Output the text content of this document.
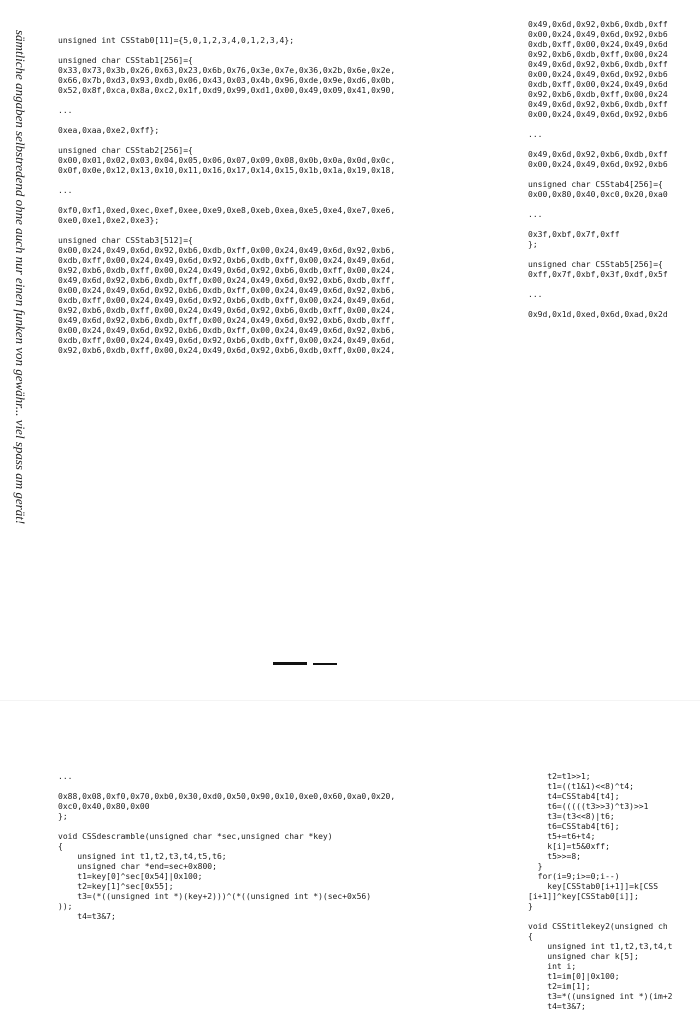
sämtliche angaben selbstredend ohne auch nur einen funken von gewähr... viel spass am gerät!	unsigned int CSStab0[11]={5,0,1,2,3,4,0,1,2,3,4};

unsigned char CSStab1[256]={
0x33,0x73,0x3b,0x26,0x63,0x23,0x6b,0x76,0x3e,0x7e,0x36,0x2b,0x6e,0x2e,
0x66,0x7b,0xd3,0x93,0xdb,0x06,0x43,0x03,0x4b,0x96,0xde,0x9e,0xd6,0x0b,
0x52,0x8f,0xca,0x8a,0xc2,0x1f,0xd9,0x99,0xd1,0x00,0x49,0x09,0x41,0x90,

...

0xea,0xaa,0xe2,0xff};

unsigned char CSStab2[256]={
0x00,0x01,0x02,0x03,0x04,0x05,0x06,0x07,0x09,0x08,0x0b,0x0a,0x0d,0x0c,
0x0f,0x0e,0x12,0x13,0x10,0x11,0x16,0x17,0x14,0x15,0x1b,0x1a,0x19,0x18,

...

0xf0,0xf1,0xed,0xec,0xef,0xee,0xe9,0xe8,0xeb,0xea,0xe5,0xe4,0xe7,0xe6,
0xe0,0xe1,0xe2,0xe3};

unsigned char CSStab3[512]={
0x00,0x24,0x49,0x6d,0x92,0xb6,0xdb,0xff,0x00,0x24,0x49,0x6d,0x92,0xb6,
0xdb,0xff,0x00,0x24,0x49,0x6d,0x92,0xb6,0xdb,0xff,0x00,0x24,0x49,0x6d,
0x92,0xb6,0xdb,0xff,0x00,0x24,0x49,0x6d,0x92,0xb6,0xdb,0xff,0x00,0x24,
0x49,0x6d,0x92,0xb6,0xdb,0xff,0x00,0x24,0x49,0x6d,0x92,0xb6,0xdb,0xff,
0x00,0x24,0x49,0x6d,0x92,0xb6,0xdb,0xff,0x00,0x24,0x49,0x6d,0x92,0xb6,
0xdb,0xff,0x00,0x24,0x49,0x6d,0x92,0xb6,0xdb,0xff,0x00,0x24,0x49,0x6d,
0x92,0xb6,0xdb,0xff,0x00,0x24,0x49,0x6d,0x92,0xb6,0xdb,0xff,0x00,0x24,
0x49,0x6d,0x92,0xb6,0xdb,0xff,0x00,0x24,0x49,0x6d,0x92,0xb6,0xdb,0xff,
0x00,0x24,0x49,0x6d,0x92,0xb6,0xdb,0xff,0x00,0x24,0x49,0x6d,0x92,0xb6,
0xdb,0xff,0x00,0x24,0x49,0x6d,0x92,0xb6,0xdb,0xff,0x00,0x24,0x49,0x6d,
0x92,0xb6,0xdb,0xff,0x00,0x24,0x49,0x6d,0x92,0xb6,0xdb,0xff,0x00,0x24,
0x49,0x6d,0x92,0xb6,0xdb,0xff
0x00,0x24,0x49,0x6d,0x92,0xb6
0xdb,0xff,0x00,0x24,0x49,0x6d
0x92,0xb6,0xdb,0xff,0x00,0x24
0x49,0x6d,0x92,0xb6,0xdb,0xff
0x00,0x24,0x49,0x6d,0x92,0xb6
0xdb,0xff,0x00,0x24,0x49,0x6d
0x92,0xb6,0xdb,0xff,0x00,0x24
0x49,0x6d,0x92,0xb6,0xdb,0xff
0x00,0x24,0x49,0x6d,0x92,0xb6

...

0x49,0x6d,0x92,0xb6,0xdb,0xff
0x00,0x24,0x49,0x6d,0x92,0xb6

unsigned char CSStab4[256]={
0x00,0x80,0x40,0xc0,0x20,0xa0

...

0x3f,0xbf,0x7f,0xff
};

unsigned char CSStab5[256]={
0xff,0x7f,0xbf,0x3f,0xdf,0x5f

...

0x9d,0x1d,0xed,0x6d,0xad,0x2d
...

0x88,0x08,0xf0,0x70,0xb0,0x30,0xd0,0x50,0x90,0x10,0xe0,0x60,0xa0,0x20,
0xc0,0x40,0x80,0x00
};

void CSSdescramble(unsigned char *sec,unsigned char *key)
{
unsigned int t1,t2,t3,t4,t5,t6;
unsigned char *end=sec+0x800;
t1=key[0]^sec[0x54]|0x100;
t2=key[1]^sec[0x55];
t3=(*((unsigned int *)(key+2)))^(*((unsigned int *)(sec+0x56)
));
t4=t3&7;
t2=t1>>1;
t1=((t1&1)<<8)^t4;
t4=CSStab4[t4];
t6=(((((t3>>3)^t3)>>1
t3=(t3<<8)|t6;
t6=CSStab4[t6];
t5+=t6+t4;
k[i]=t5&0xff;
t5>>=8;
}
for(i=9;i>=0;i--)
key[CSStab0[i+1]]=k[CSS
[i+1]]^key[CSStab0[i]];
}

void CSStitlekey2(unsigned ch
{
unsigned int t1,t2,t3,t4,t
unsigned char k[5];
int i;
t1=im[0]|0x100;
t2=im[1];
t3=*((unsigned int *)(im+2
t4=t3&7;
